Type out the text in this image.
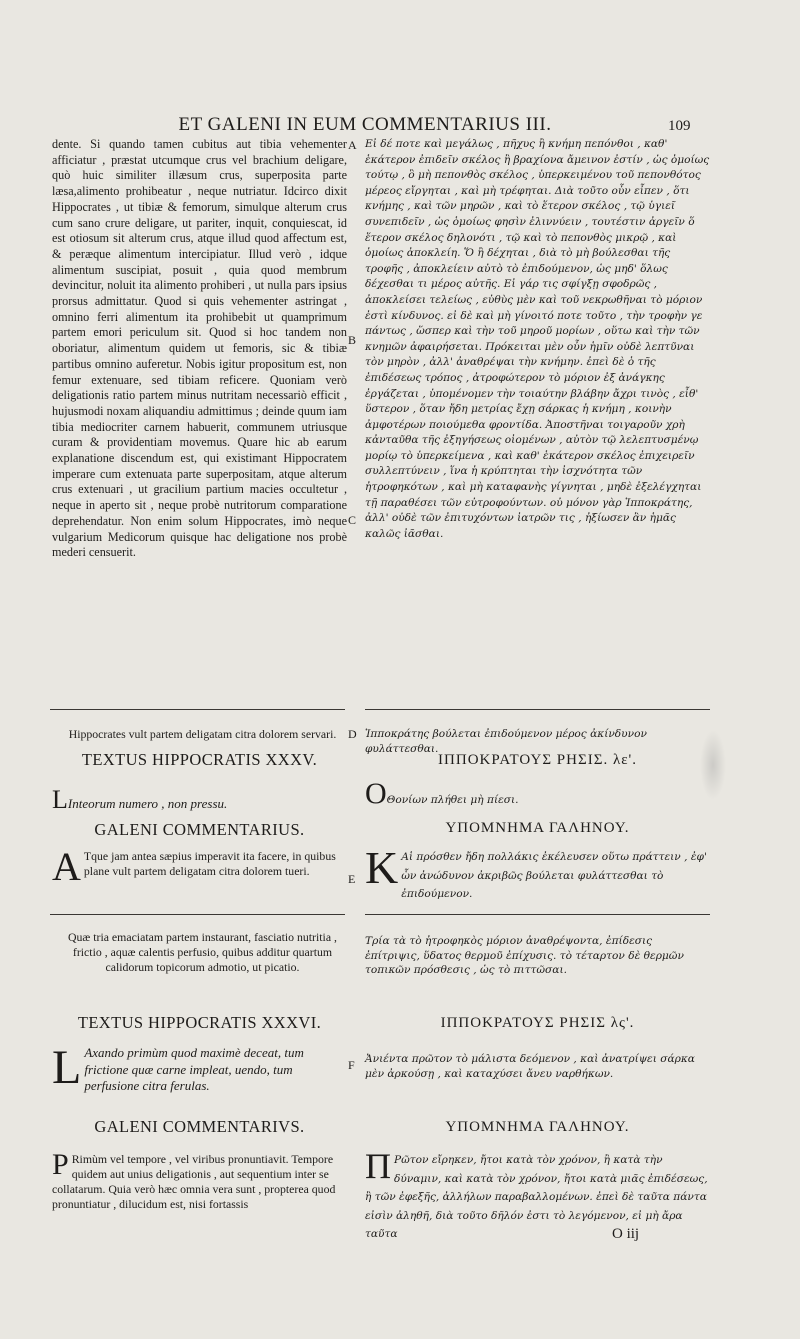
ET GALENI IN EUM COMMENTARIUS III.	109
dente. Si quando tamen cubitus aut tibia vehementer afficiatur , præstat utcumque crus vel brachium deligare, quò huic similiter illæsum crus, superposita parte læsa,alimento prohibeatur , neque nutriatur. Idcirco dixit Hippocrates , ut tibiæ & femorum, simulque alterum crus cum sano crure deligare, ut pariter, inquit, conquiescat, id est otiosum sit alterum crus, atque illud quod affectum est, & peræque alimentum intercipiatur. Illud verò , idque alimentum suscipiat, posuit , quia quod membrum devincitur, noluit ita alimento prohiberi , ut nulla pars ipsius prorsus admittatur. Quod si quis vehementer astringat , omnino ferri alimentum ita prohibebit ut quamprimum partem emori periculum sit. Quod si hoc tandem non oboriatur, alimentum quidem ut femoris, sic & tibiæ partibus omnino auferetur. Nobis igitur propositum est, non femur extenuare, sed tibiam reficere. Quoniam verò deligationis ratio partem minus nutritam necessariò efficit , hujusmodi noxam aliquandiu admittimus ; deinde quum iam tibia mediocriter carnem habuerit, communem utriusque curam & providentiam movemus. Quare hic ab earum explanatione discendum est, qui existimant Hippocratem imperare cum extenuata parte superpositam, atque alterum crus extenuari , ut gracilium partium macies occultetur , neque in aperto sit , neque probè nutritorum comparatione deprehendatur. Non enim solum Hippocrates, imò neque vulgarium Medicorum quisque hac deligatione nos probè mederi censuerit.
Εἰ δέ ποτε καὶ μεγάλως , πῆχυς ἢ κνήμη πεπόνθοι , καθ' ἑκάτερον ἐπιδεῖν σκέλος ἢ βραχίονα ἄμεινον ἐστίν , ὡς ὁμοίως τούτῳ , ὃ μὴ πεπονθὸς σκέλος , ὑπερκειμένου τοῦ πεπονθότος μέρεος εἴργηται , καὶ μὴ τρέφηται. Διὰ τοῦτο οὖν εἶπεν , ὅτι κνήμης , καὶ τῶν μηρῶν , καὶ τὸ ἕτερον σκέλος , τῷ ὑγιεῖ συνεπιδεῖν , ὡς ὁμοίως φησὶν ἐλιννύειν , τουτέστιν ἀργεῖν ὅ ἕτερον σκέλος δηλονότι , τῷ καὶ τὸ πεπονθὸς μικρῷ , καὶ ὁμοίως ἀποκλείη. Ὅ ἢ δέχηται , διὰ τὸ μὴ βούλεσθαι τῆς τροφῆς , ἀποκλείειν αὐτὸ τὸ ἐπιδούμενον, ὡς μηδ' ὅλως δέχεσθαι τι μέρος αὐτῆς. Εἰ γάρ τις σφίγξῃ σφοδρῶς , ἀποκλείσει τελείως , εὐθὺς μὲν καὶ τοῦ νεκρωθῆναι τὸ μόριον ἐστὶ κίνδυνος. εἰ δὲ καὶ μὴ γίνοιτό ποτε τοῦτο , τὴν τροφὴν γε πάντως , ὥσπερ καὶ τὴν τοῦ μηροῦ μορίων , οὕτω καὶ τὴν τῶν κνημῶν ἀφαιρήσεται. Πρόκειται μὲν οὖν ἡμῖν οὐδὲ λεπτῦναι τὸν μηρὸν , ἀλλ' ἀναθρέψαι τὴν κνήμην. ἐπεὶ δὲ ὁ τῆς ἐπιδέσεως τρόπος , ἀτροφώτερον τὸ μόριον ἐξ ἀνάγκης ἐργάζεται , ὑπομένομεν τὴν τοιαύτην βλάβην ἄχρι τινὸς , εἶθ' ὕστερον , ὅταν ἤδη μετρίας ἔχῃ σάρκας ἡ κνήμη , κοινὴν ἀμφοτέρων ποιούμεθα φροντίδα. Ἀποστῆναι τοιγαροῦν χρὴ κἀνταῦθα τῆς ἐξηγήσεως οἰομένων , αὐτὸν τῷ λελεπτυσμένῳ μορίῳ τὸ ὑπερκείμενα , καὶ καθ' ἑκάτερον σκέλος ἐπιχειρεῖν συλλεπτύνειν , ἵνα ἡ κρύπτηται τὴν ἰσχνότητα τῶν ἠτροφηκότων , καὶ μὴ καταφανὴς γίγνηται , μηδὲ ἐξελέγχηται τῇ παραθέσει τῶν εὐτροφούντων. οὐ μόνον γὰρ Ἱπποκράτης, ἀλλ' οὐδὲ τῶν ἐπιτυχόντων ἰατρῶν τις , ἠξίωσεν ἂν ἡμᾶς καλῶς ἰᾶσθαι.
A
B
C
D
E
F
Hippocrates vult partem deligatam citra dolorem servari.	Ἱπποκράτης βούλεται ἐπιδούμενον μέρος ἀκίνδυνον φυλάττεσθαι.
TEXTUS HIPPOCRATIS XXXV.	ΙΠΠΟΚΡΑΤΟΥΣ ΡΗΣΙΣ. λε'.
LInteorum numero , non pressu.	ΟΘονίων πλήθει μὴ πίεσι.
GALENI COMMENTARIUS.	ΥΠΟΜΝΗΜΑ ΓΑΛΗΝΟΥ.
A Tque jam antea sæpius imperavit ita facere, in quibus plane vult partem deligatam citra dolorem tueri.	K Αἱ πρόσθεν ἤδη πολλάκις ἐκέλευσεν οὕτω πράττειν , ἐφ' ὧν ἀνώδυνον ἀκριβῶς βούλεται φυλάττεσθαι τὸ ἐπιδούμενον.
Quæ tria emaciatam partem instaurant, fasciatio nutritia , frictio , aquæ calentis perfusio, quibus additur quartum calidorum topicorum admotio, ut picatio.
Τρία τὰ τὸ ἠτροφηκὸς μόριον ἀναθρέψοντα, ἐπίδεσις ἐπίτριψις, ὕδατος θερμοῦ ἐπίχυσις. τὸ τέταρτον δὲ θερμῶν τοπικῶν πρόσθεσις , ὡς τὸ πιττῶσαι.
TEXTUS HIPPOCRATIS XXXVI.	ΙΠΠΟΚΡΑΤΟΥΣ ΡΗΣΙΣ λς'.
L Axando primùm quod maximè deceat, tum frictione quæ carne impleat, uendo, tum perfusione citra ferulas.
Ἀνιέντα πρῶτον τὸ μάλιστα δεόμενον , καὶ ἀνατρίψει σάρκα μὲν ἀρκούσῃ , καὶ καταχύσει ἄνευ ναρθήκων.
GALENI COMMENTARIVS.	ΥΠΟΜΝΗΜΑ ΓΑΛΗΝΟΥ.
P Rimùm vel tempore , vel viribus pronuntiavit. Tempore quidem aut unius deligationis , aut sequentium inter se collatarum. Quia verò hæc omnia vera sunt , propterea quod pronuntiatur , dilucidum est, nisi fortassis
Π Ρῶτον εἴρηκεν, ἤτοι κατὰ τὸν χρόνον, ἢ κατὰ τὴν δύναμιν, καὶ κατὰ τὸν χρόνον, ἤτοι κατὰ μιᾶς ἐπιδέσεως, ἢ τῶν ἐφεξῆς, ἀλλήλων παραβαλλομένων. ἐπεὶ δὲ ταῦτα πάντα εἰσὶν ἀληθῆ, διὰ τοῦτο δῆλόν ἐστι τὸ λεγόμενον, εἰ μὴ ἄρα ταῦτα	O iij
